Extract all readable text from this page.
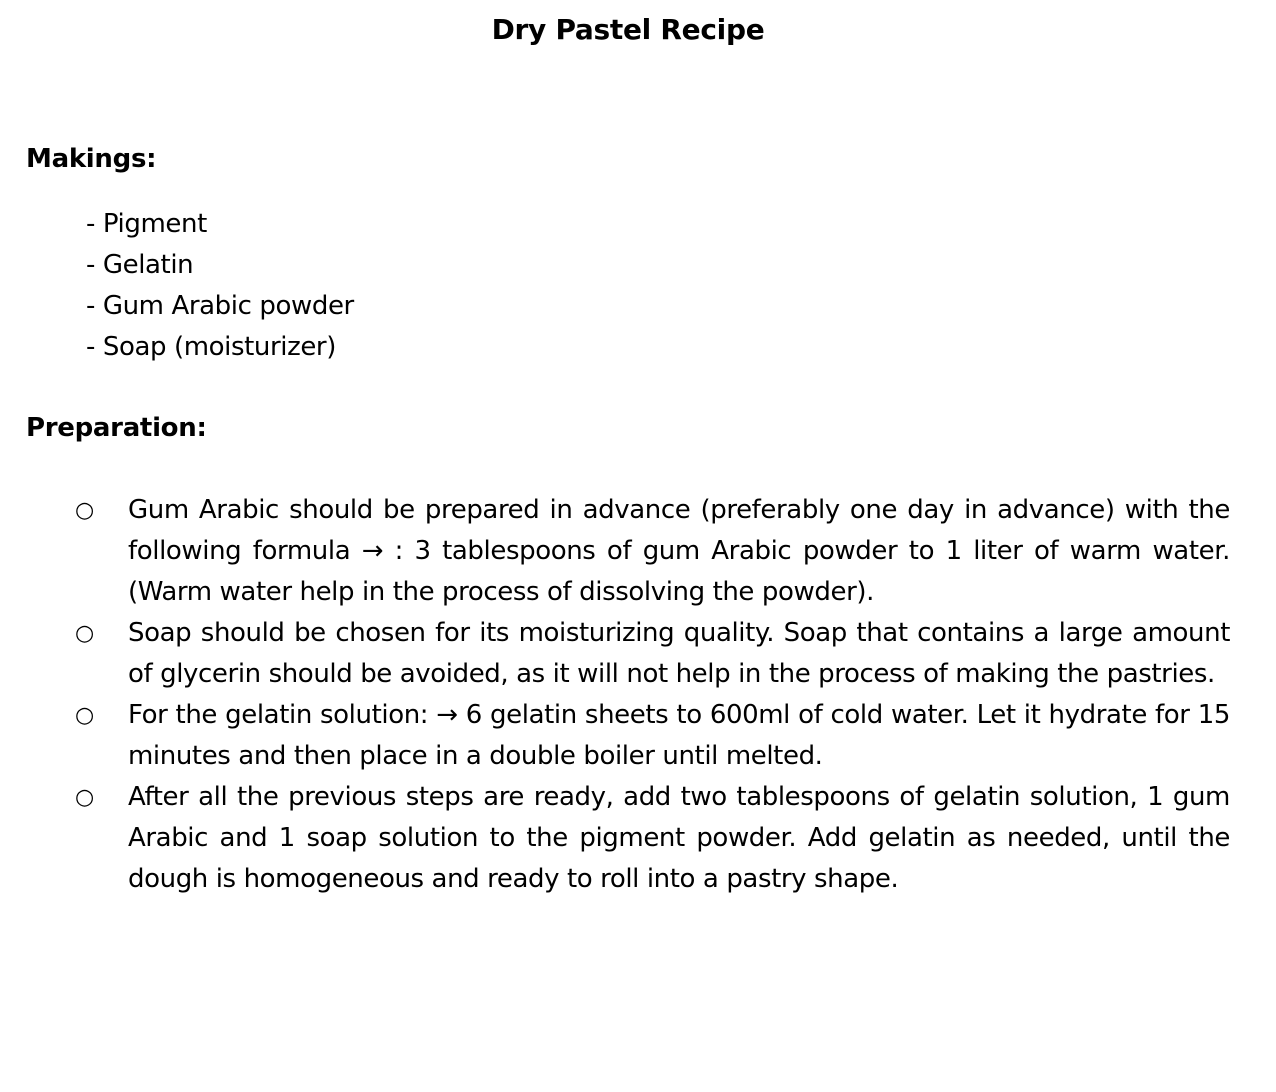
Dry Pastel Recipe
Makings:
- Pigment
- Gelatin
- Gum Arabic powder
- Soap (moisturizer)
Preparation:
○ Gum Arabic should be prepared in advance (preferably one day in advance) with the following formula → : 3 tablespoons of gum Arabic powder to 1 liter of warm water. (Warm water help in the process of dissolving the powder).
○ Soap should be chosen for its moisturizing quality. Soap that contains a large amount of glycerin should be avoided, as it will not help in the process of making the pastries.
○ For the gelatin solution: → 6 gelatin sheets to 600ml of cold water. Let it hydrate for 15 minutes and then place in a double boiler until melted.
○ After all the previous steps are ready, add two tablespoons of gelatin solution, 1 gum Arabic and 1 soap solution to the pigment powder. Add gelatin as needed, until the dough is homogeneous and ready to roll into a pastry shape.
